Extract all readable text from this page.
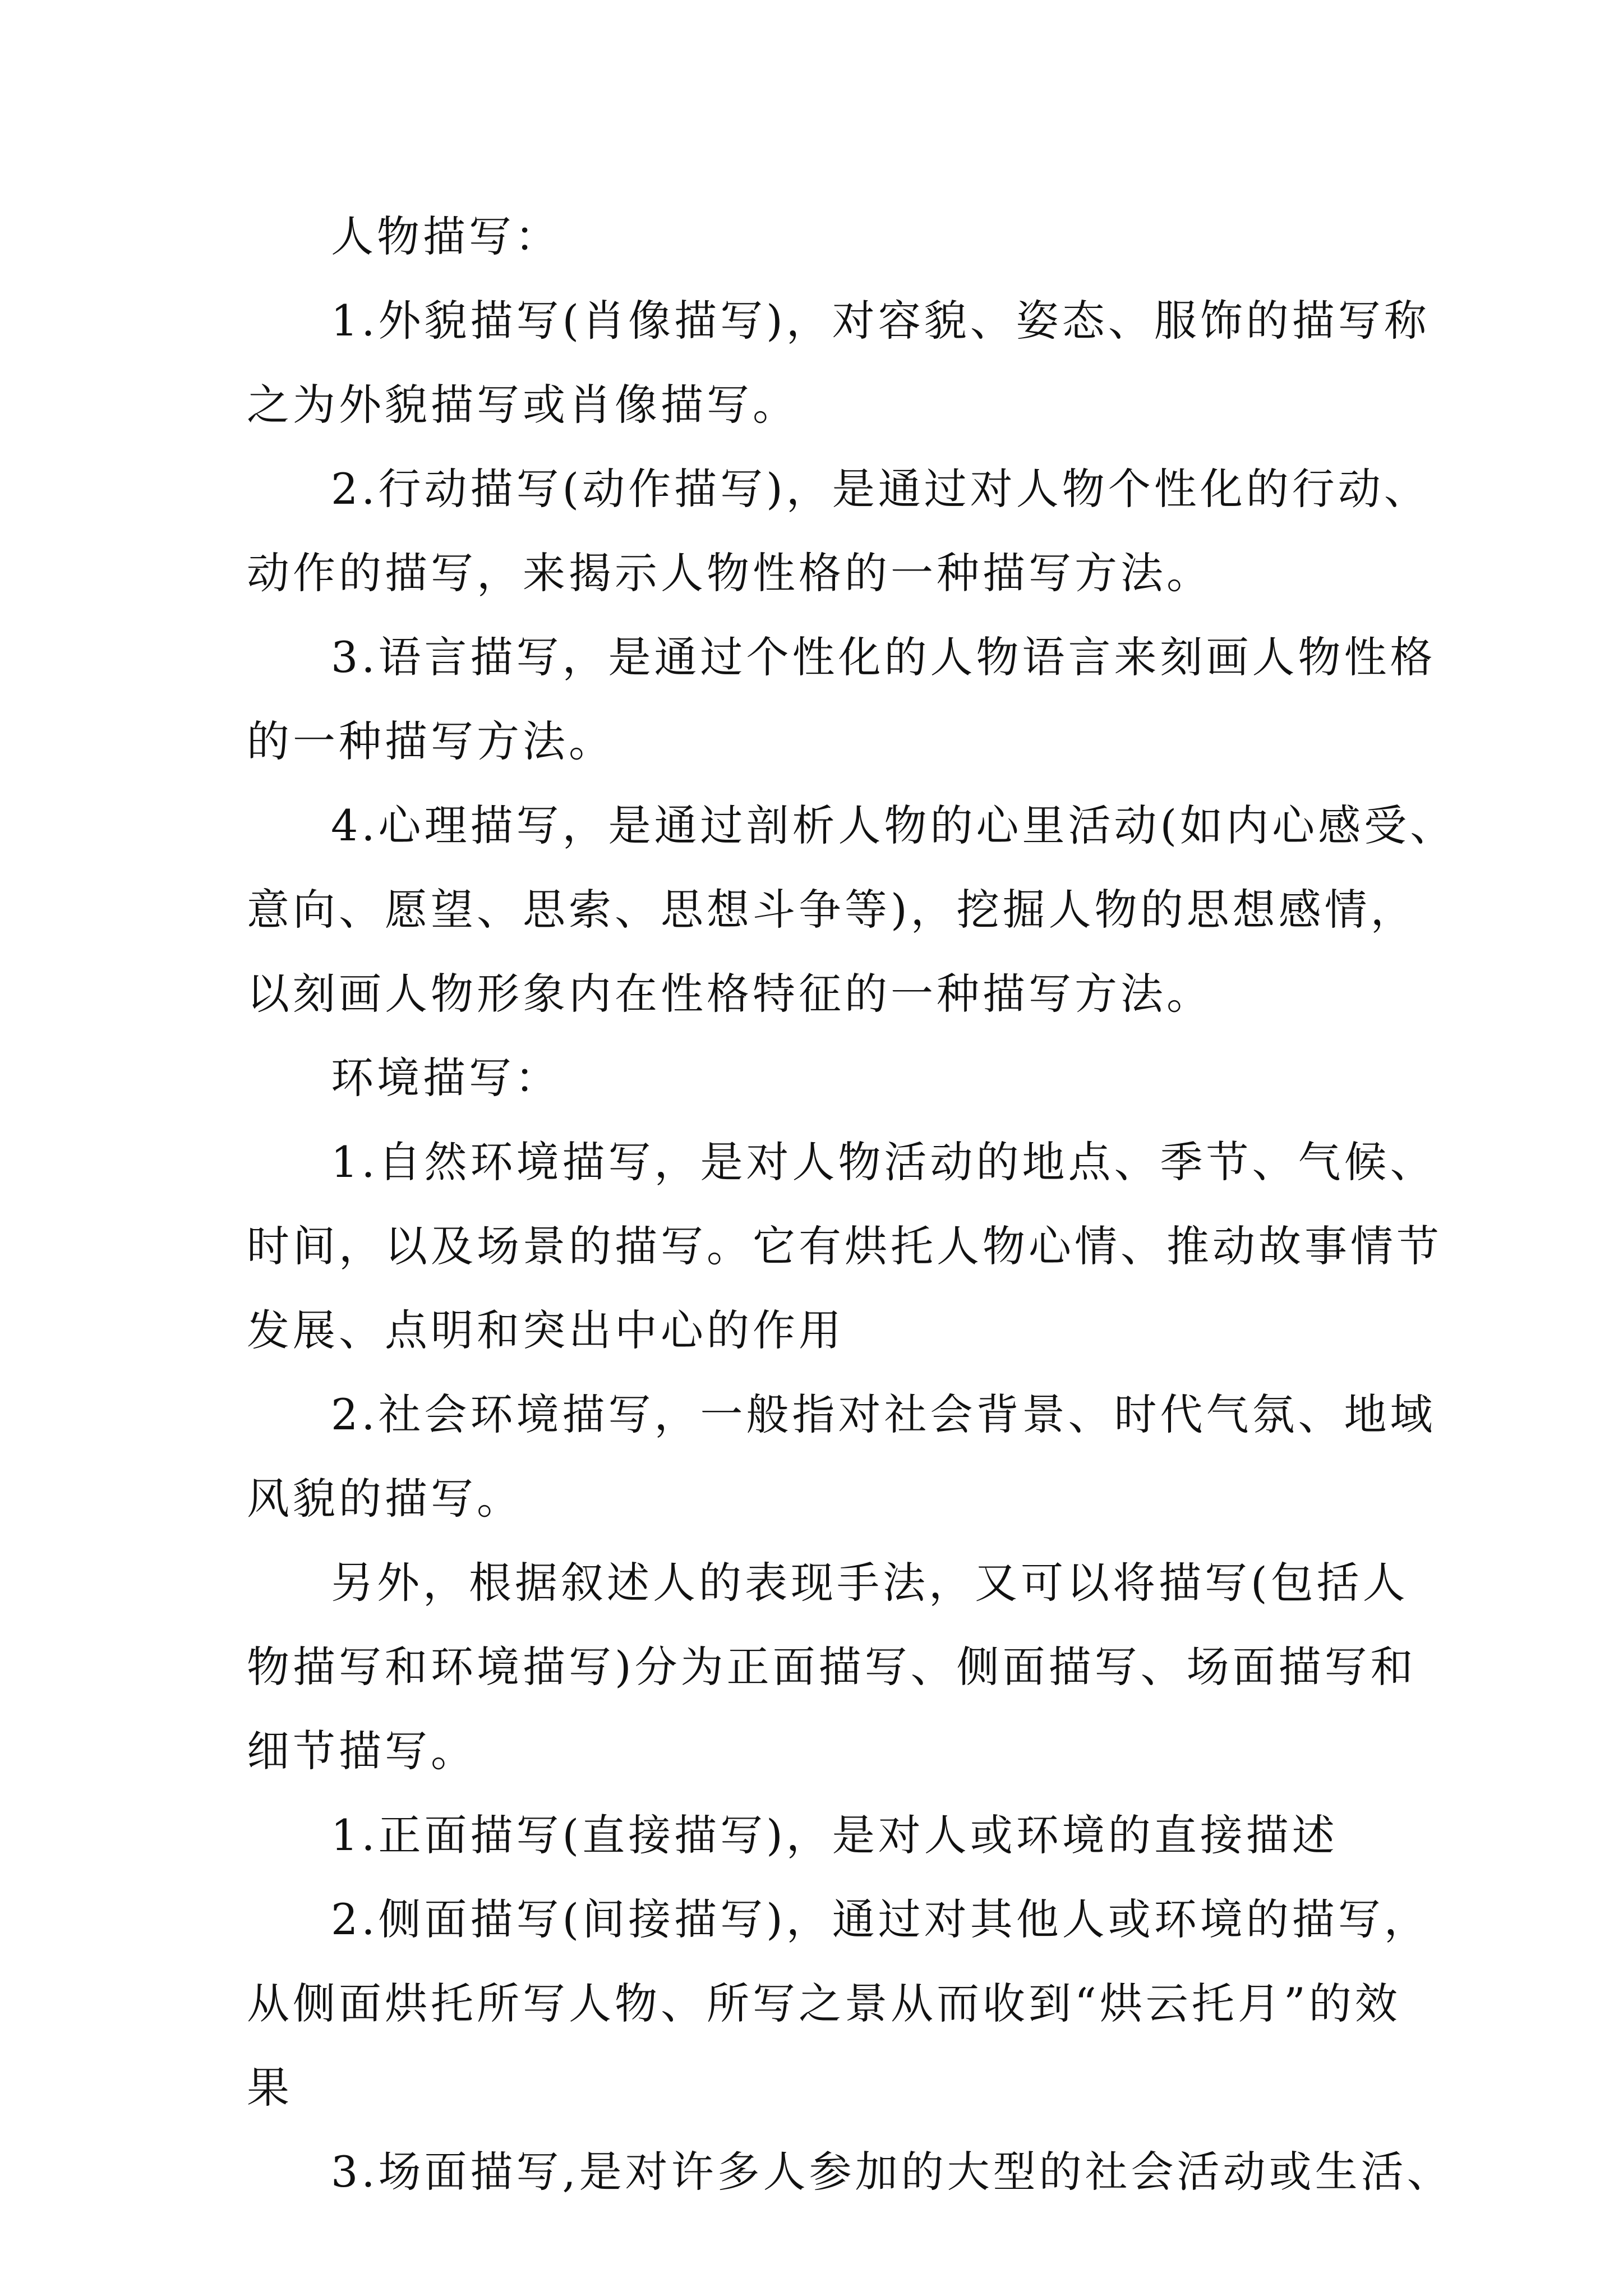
人物描写：

1.外貌描写(肖像描写)，对容貌、姿态、服饰的描写称

之为外貌描写或肖像描写。

2.行动描写(动作描写)，是通过对人物个性化的行动、

动作的描写，来揭示人物性格的一种描写方法。

3.语言描写，是通过个性化的人物语言来刻画人物性格

的一种描写方法。

4.心理描写，是通过剖析人物的心里活动(如内心感受、

意向、愿望、思索、思想斗争等)，挖掘人物的思想感情，

以刻画人物形象内在性格特征的一种描写方法。

环境描写：

1.自然环境描写，是对人物活动的地点、季节、气候、

时间，以及场景的描写。它有烘托人物心情、推动故事情节

发展、点明和突出中心的作用

2.社会环境描写，一般指对社会背景、时代气氛、地域

风貌的描写。

另外，根据叙述人的表现手法，又可以将描写(包括人

物描写和环境描写)分为正面描写、侧面描写、场面描写和

细节描写。

1.正面描写(直接描写)，是对人或环境的直接描述

2.侧面描写(间接描写)，通过对其他人或环境的描写，

从侧面烘托所写人物、所写之景从而收到“烘云托月”的效

果

3.场面描写,是对许多人参加的大型的社会活动或生活、
